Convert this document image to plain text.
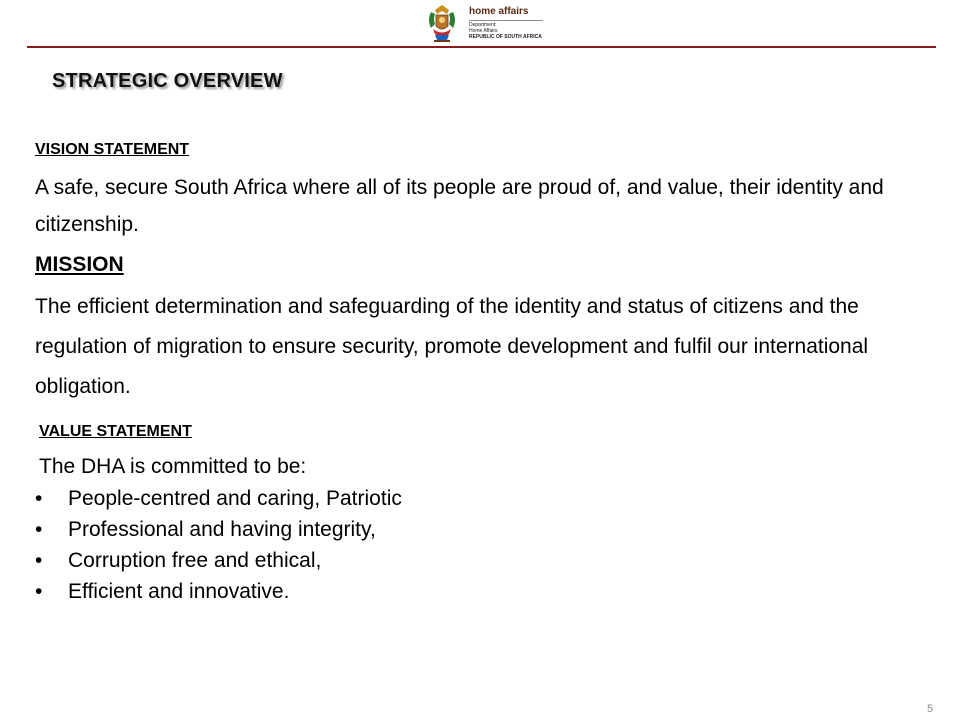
home affairs
Department:
Home Affairs
REPUBLIC OF SOUTH AFRICA
STRATEGIC OVERVIEW
VISION STATEMENT
A safe, secure South Africa where all of its people are proud of, and value, their identity and citizenship.
MISSION
The efficient determination and safeguarding of the identity and status of citizens and the regulation of migration to ensure security, promote development and fulfil our international obligation.
VALUE STATEMENT
The DHA is committed to be:
• People-centred and caring, Patriotic
• Professional and having integrity,
• Corruption free and ethical,
• Efficient and innovative.
5
